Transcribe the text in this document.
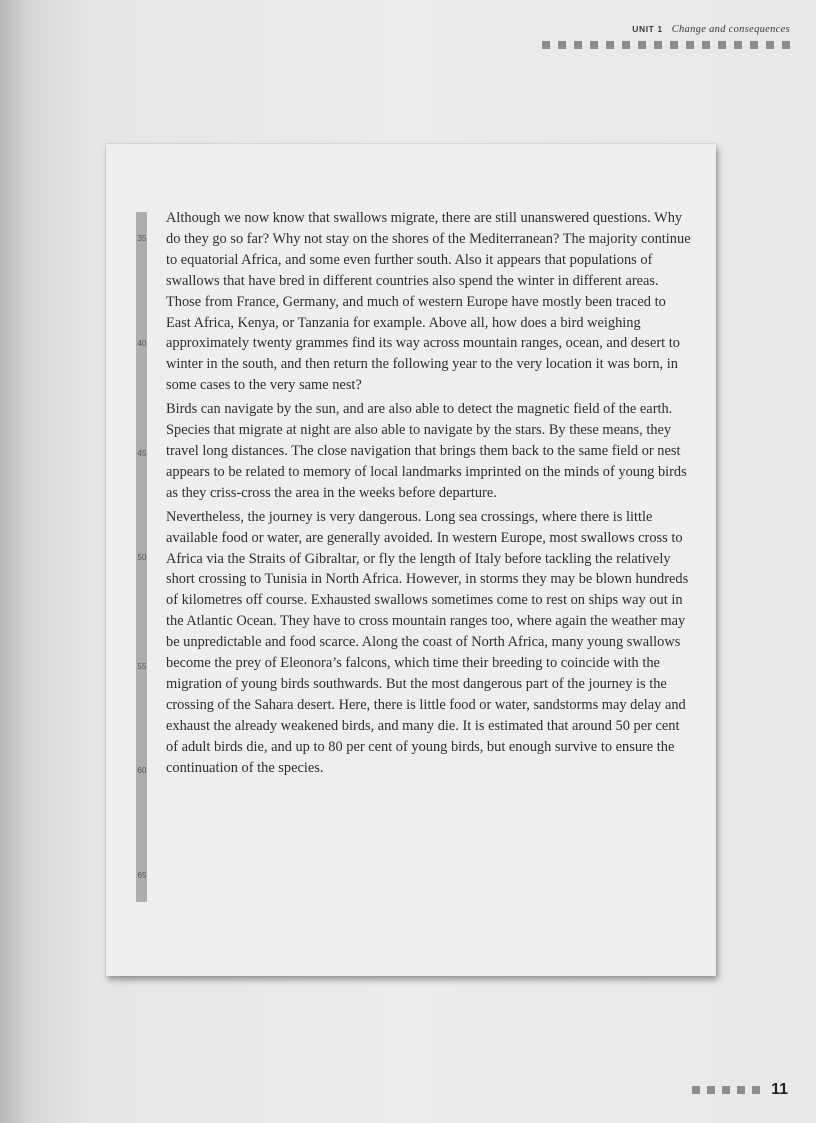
UNIT 1 Change and consequences
35
40
45
50
55
60
65

Although we now know that swallows migrate, there are still unanswered questions. Why do they go so far? Why not stay on the shores of the Mediterranean? The majority continue to equatorial Africa, and some even further south. Also it appears that populations of swallows that have bred in different countries also spend the winter in different areas. Those from France, Germany, and much of western Europe have mostly been traced to East Africa, Kenya, or Tanzania for example. Above all, how does a bird weighing approximately twenty grammes find its way across mountain ranges, ocean, and desert to winter in the south, and then return the following year to the very location it was born, in some cases to the very same nest?

Birds can navigate by the sun, and are also able to detect the magnetic field of the earth. Species that migrate at night are also able to navigate by the stars. By these means, they travel long distances. The close navigation that brings them back to the same field or nest appears to be related to memory of local landmarks imprinted on the minds of young birds as they criss-cross the area in the weeks before departure.

Nevertheless, the journey is very dangerous. Long sea crossings, where there is little available food or water, are generally avoided. In western Europe, most swallows cross to Africa via the Straits of Gibraltar, or fly the length of Italy before tackling the relatively short crossing to Tunisia in North Africa. However, in storms they may be blown hundreds of kilometres off course. Exhausted swallows sometimes come to rest on ships way out in the Atlantic Ocean. They have to cross mountain ranges too, where again the weather may be unpredictable and food scarce. Along the coast of North Africa, many young swallows become the prey of Eleonora’s falcons, which time their breeding to coincide with the migration of young birds southwards. But the most dangerous part of the journey is the crossing of the Sahara desert. Here, there is little food or water, sandstorms may delay and exhaust the already weakened birds, and many die. It is estimated that around 50 per cent of adult birds die, and up to 80 per cent of young birds, but enough survive to ensure the continuation of the species.

11
